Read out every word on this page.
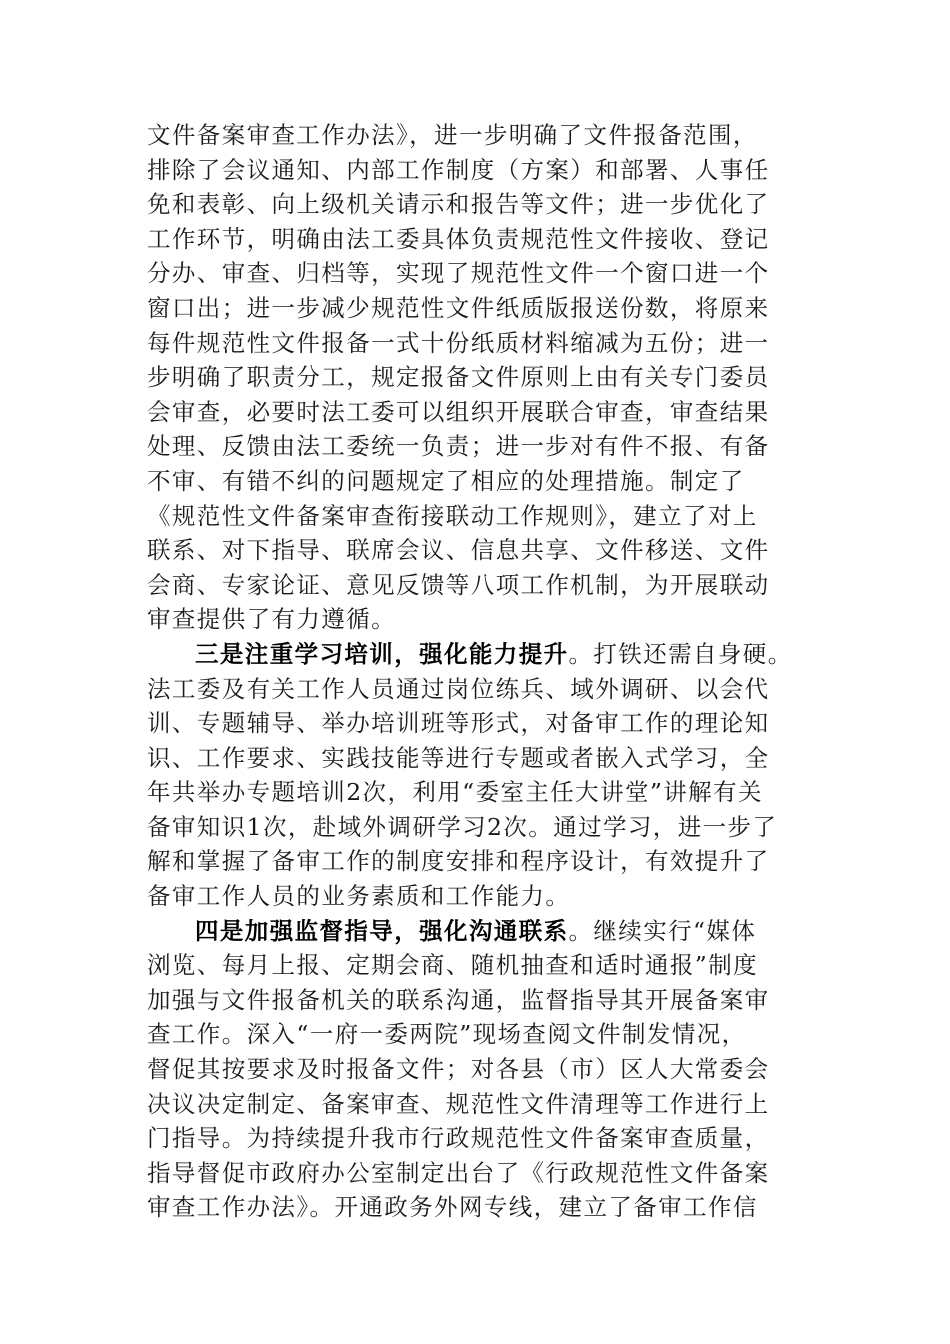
文件备案审查工作办法》，进一步明确了文件报备范围，
排除了会议通知、内部工作制度（方案）和部署、人事任
免和表彰、向上级机关请示和报告等文件；进一步优化了
工作环节，明确由法工委具体负责规范性文件接收、登记
分办、审查、归档等，实现了规范性文件一个窗口进一个
窗口出；进一步减少规范性文件纸质版报送份数，将原来
每件规范性文件报备一式十份纸质材料缩减为五份；进一
步明确了职责分工，规定报备文件原则上由有关专门委员
会审查，必要时法工委可以组织开展联合审查，审查结果
处理、反馈由法工委统一负责；进一步对有件不报、有备
不审、有错不纠的问题规定了相应的处理措施。制定了
《规范性文件备案审查衔接联动工作规则》，建立了对上
联系、对下指导、联席会议、信息共享、文件移送、文件
会商、专家论证、意见反馈等八项工作机制，为开展联动
审查提供了有力遵循。
三是注重学习培训，强化能力提升。打铁还需自身硬。
法工委及有关工作人员通过岗位练兵、域外调研、以会代
训、专题辅导、举办培训班等形式，对备审工作的理论知
识、工作要求、实践技能等进行专题或者嵌入式学习，全
年共举办专题培训2次，利用“委室主任大讲堂”讲解有关
备审知识1次，赴域外调研学习2次。通过学习，进一步了
解和掌握了备审工作的制度安排和程序设计，有效提升了
备审工作人员的业务素质和工作能力。
四是加强监督指导，强化沟通联系。继续实行“媒体
浏览、每月上报、定期会商、随机抽查和适时通报”制度
加强与文件报备机关的联系沟通，监督指导其开展备案审
查工作。深入“一府一委两院”现场查阅文件制发情况，
督促其按要求及时报备文件；对各县（市）区人大常委会
决议决定制定、备案审查、规范性文件清理等工作进行上
门指导。为持续提升我市行政规范性文件备案审查质量，
指导督促市政府办公室制定出台了《行政规范性文件备案
审查工作办法》。开通政务外网专线，建立了备审工作信
